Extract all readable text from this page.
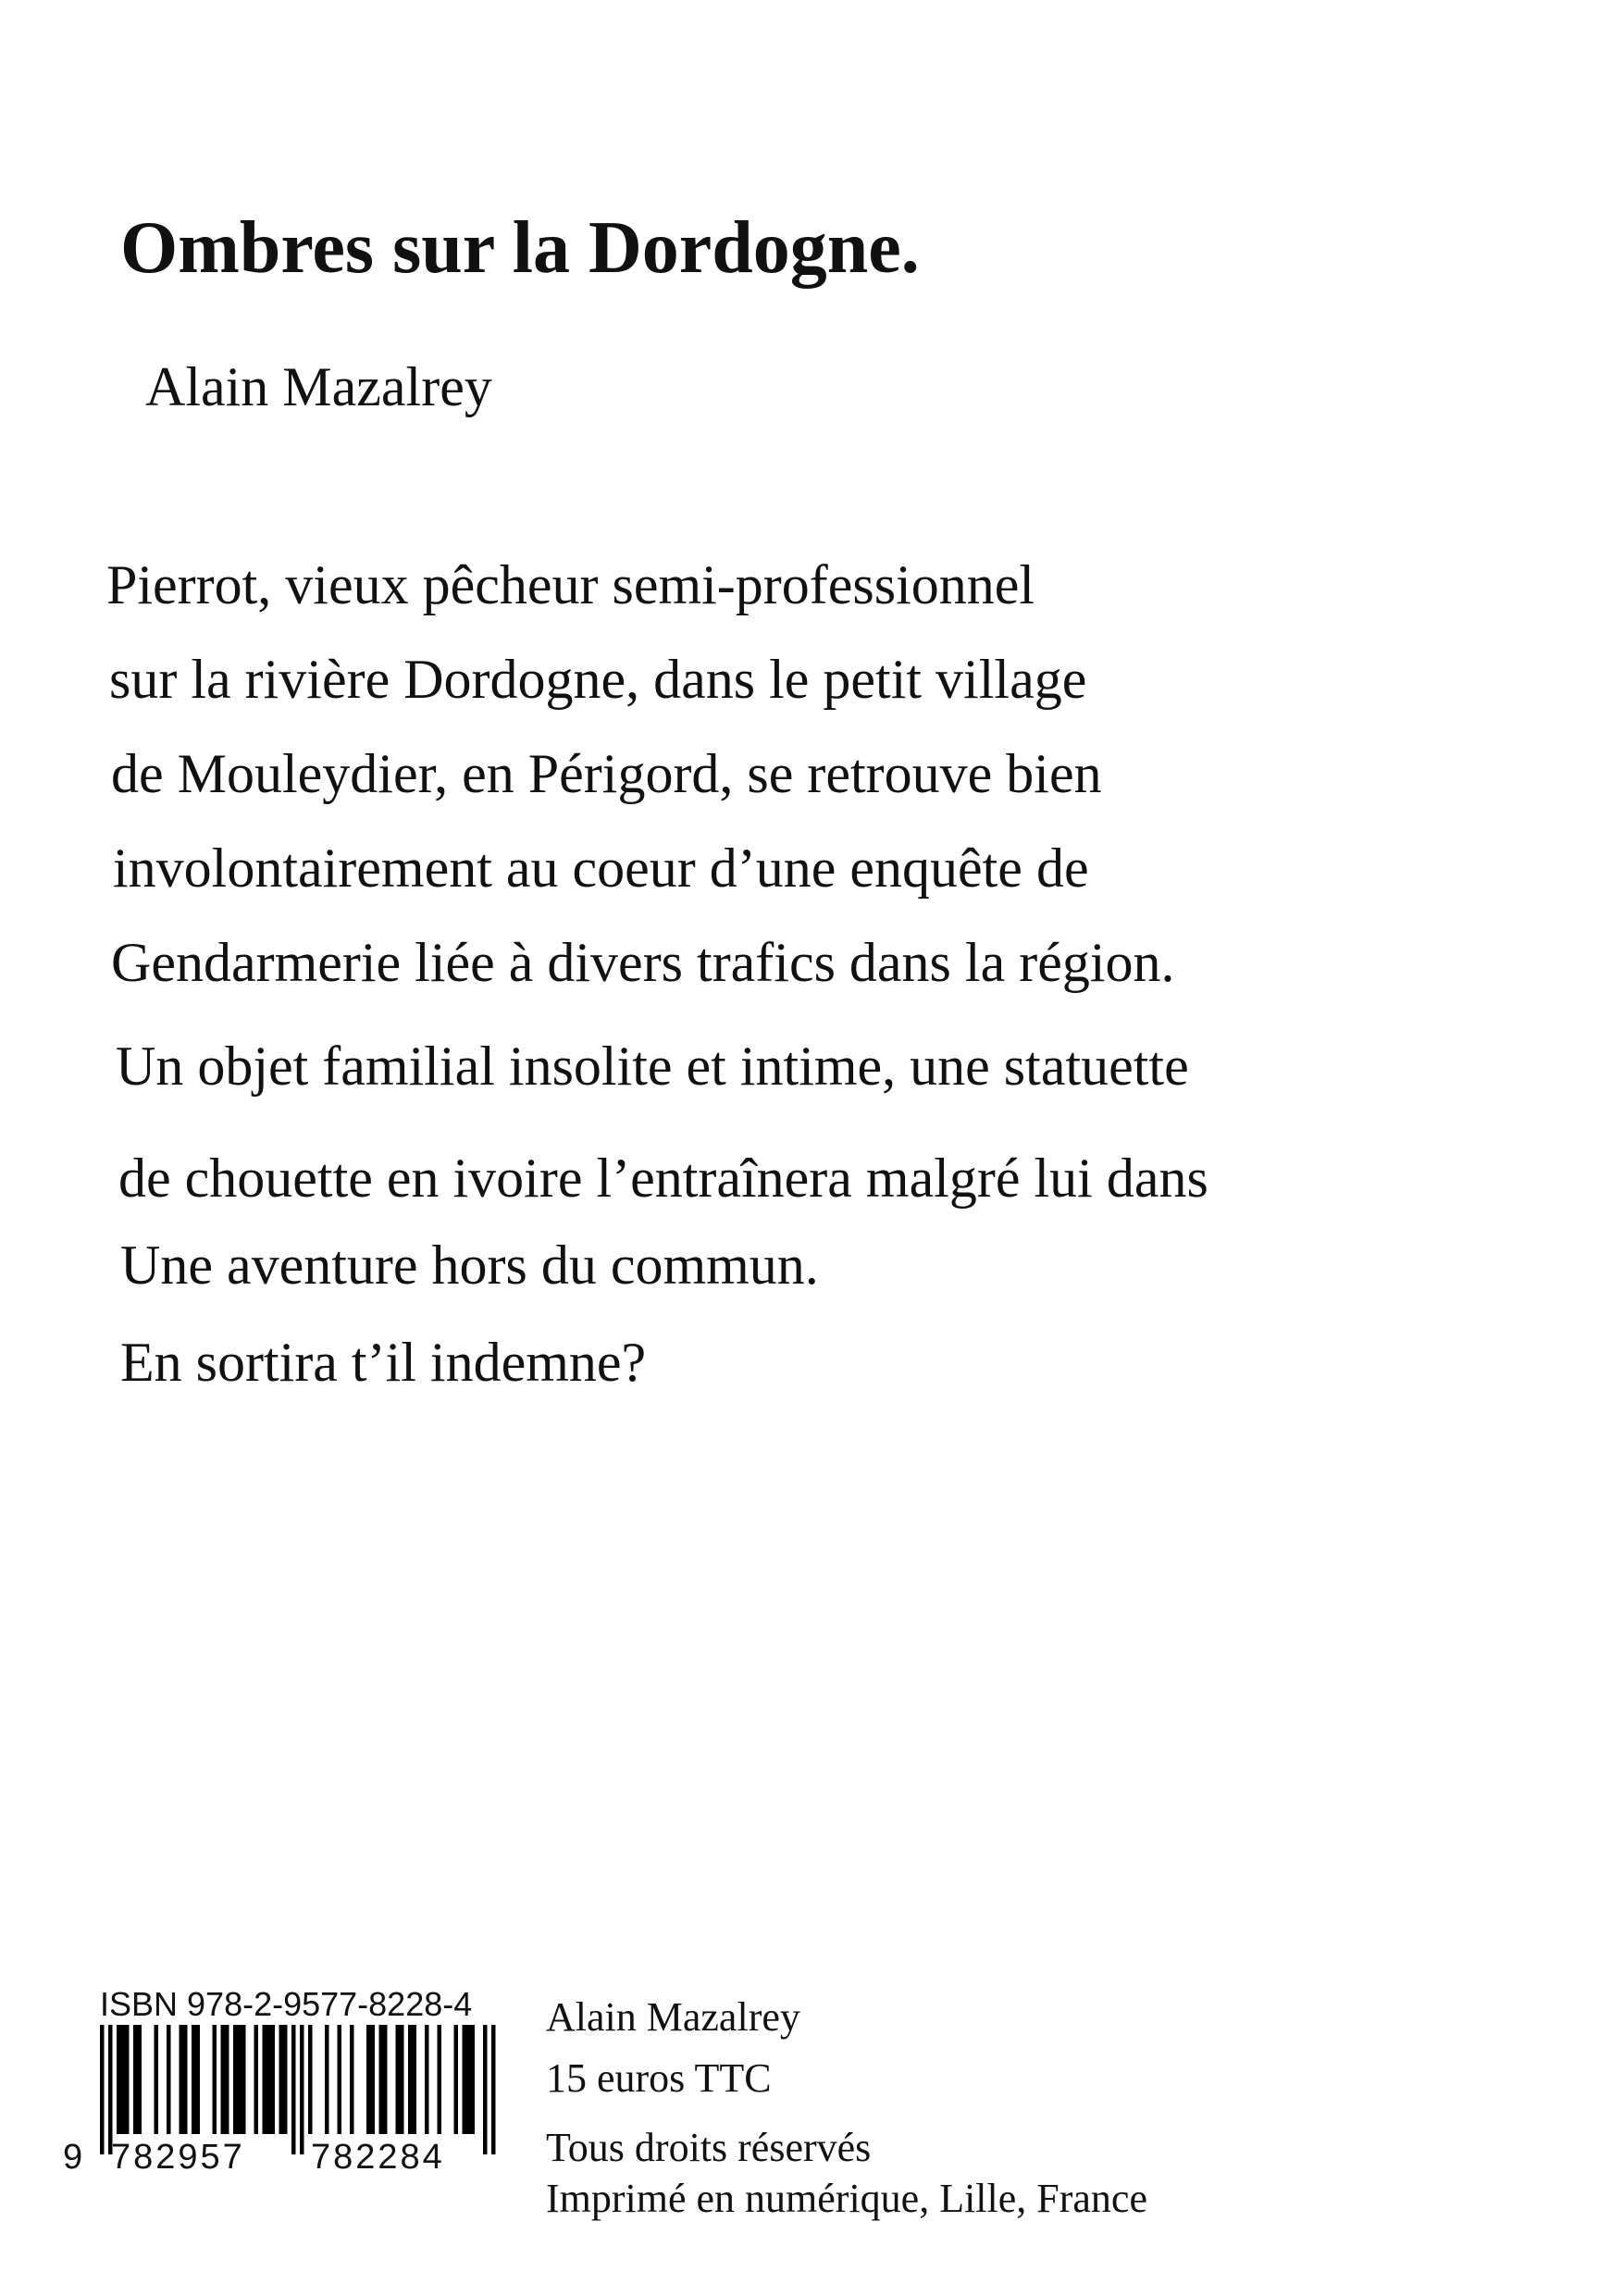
Ombres sur la Dordogne.
Alain Mazalrey
Pierrot, vieux pêcheur semi-professionnel
sur la rivière Dordogne, dans le petit village
de Mouleydier, en Périgord, se retrouve bien
involontairement au coeur d’une enquête de
Gendarmerie liée à divers trafics dans la région.
Un objet familial insolite et intime, une statuette
de chouette en ivoire l’entraînera malgré lui dans
Une aventure hors du commun.
En sortira t’il indemne?
ISBN 978-2-9577-8228-4
9 782957 782284
Alain Mazalrey
15 euros TTC
Tous droits réservés
Imprimé en numérique, Lille, France
